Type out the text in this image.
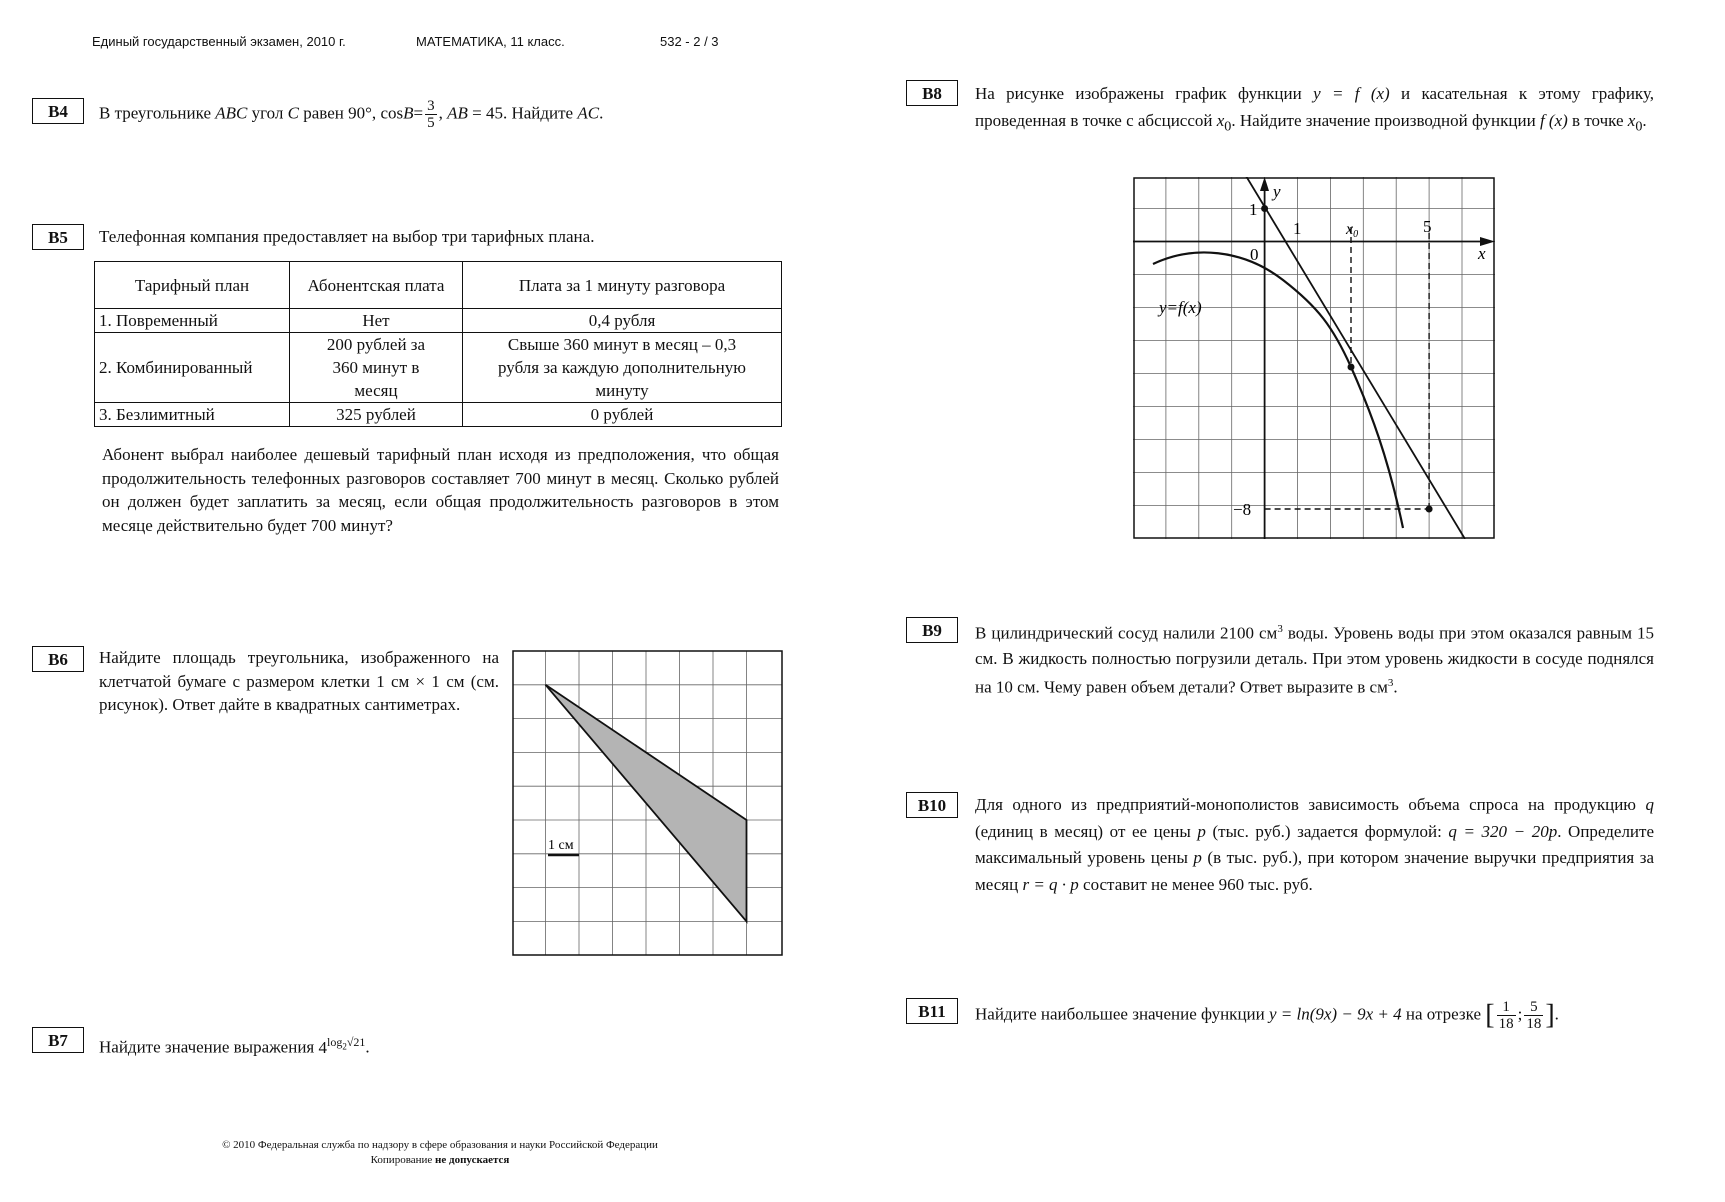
Единый государственный экзамен, 2010 г.	МАТЕМАТИКА, 11 класс.	532 - 2 / 3
B4	В треугольнике ABC угол C равен 90°, $\cos B= \frac{3}{5}$ , AB = 45. Найдите AC.
B5	Телефонная компания предоставляет на выбор три тарифных плана.
Тарифный план	Абонентская плата	Плата за 1 минуту разговора
1. Повременный	Нет	0,4 рубля
2. Комбинированный	200 рублей за 360 минут в месяц	Свыше 360 минут в месяц – 0,3 рубля за каждую дополнительную минуту
3. Безлимитный	325 рублей	0 рублей
Абонент выбрал наиболее дешевый тарифный план исходя из предположения, что общая продолжительность телефонных разговоров составляет 700 минут в месяц. Сколько рублей он должен будет заплатить за месяц, если общая продолжительность разговоров в этом месяце действительно будет 700 минут?
B6	Найдите площадь треугольника, изображенного на клетчатой бумаге с размером клетки 1 см × 1 см (см. рисунок). Ответ дайте в квадратных сантиметрах.
1 см
B7	Найдите значение выражения $4^{log_2√21}$.
B8	На рисунке изображены график функции y = f (x) и касательная к этому графику, проведенная в точке с абсциссой $x_0$. Найдите значение производной функции f (x) в точке $x_0$.
y
x
1
1
0
x0	5
−8
y=f(x)
B9	В цилиндрический сосуд налили 2100 $см^3$ воды. Уровень воды при этом оказался равным 15 см. В жидкость полностью погрузили деталь. При этом уровень жидкости в сосуде поднялся на 10 см. Чему равен объем детали? Ответ выразите в $см^3$.
B10	Для одного из предприятий-монополистов зависимость объема спроса на продукцию q (единиц в месяц) от ее цены p (тыс. руб.) задается формулой: q = 320 − 20p. Определите максимальный уровень цены p (в тыс. руб.), при котором значение выручки предприятия за месяц r = q · p составит не менее 960 тыс. руб.
B11	Найдите наибольшее значение функции y = ln(9x) − 9x + 4 на отрезке [ $\frac{1}{18}$ ; $\frac{5}{18}$ ].
© 2010 Федеральная служба по надзору в сфере образования и науки Российской Федерации
Копирование не допускается
